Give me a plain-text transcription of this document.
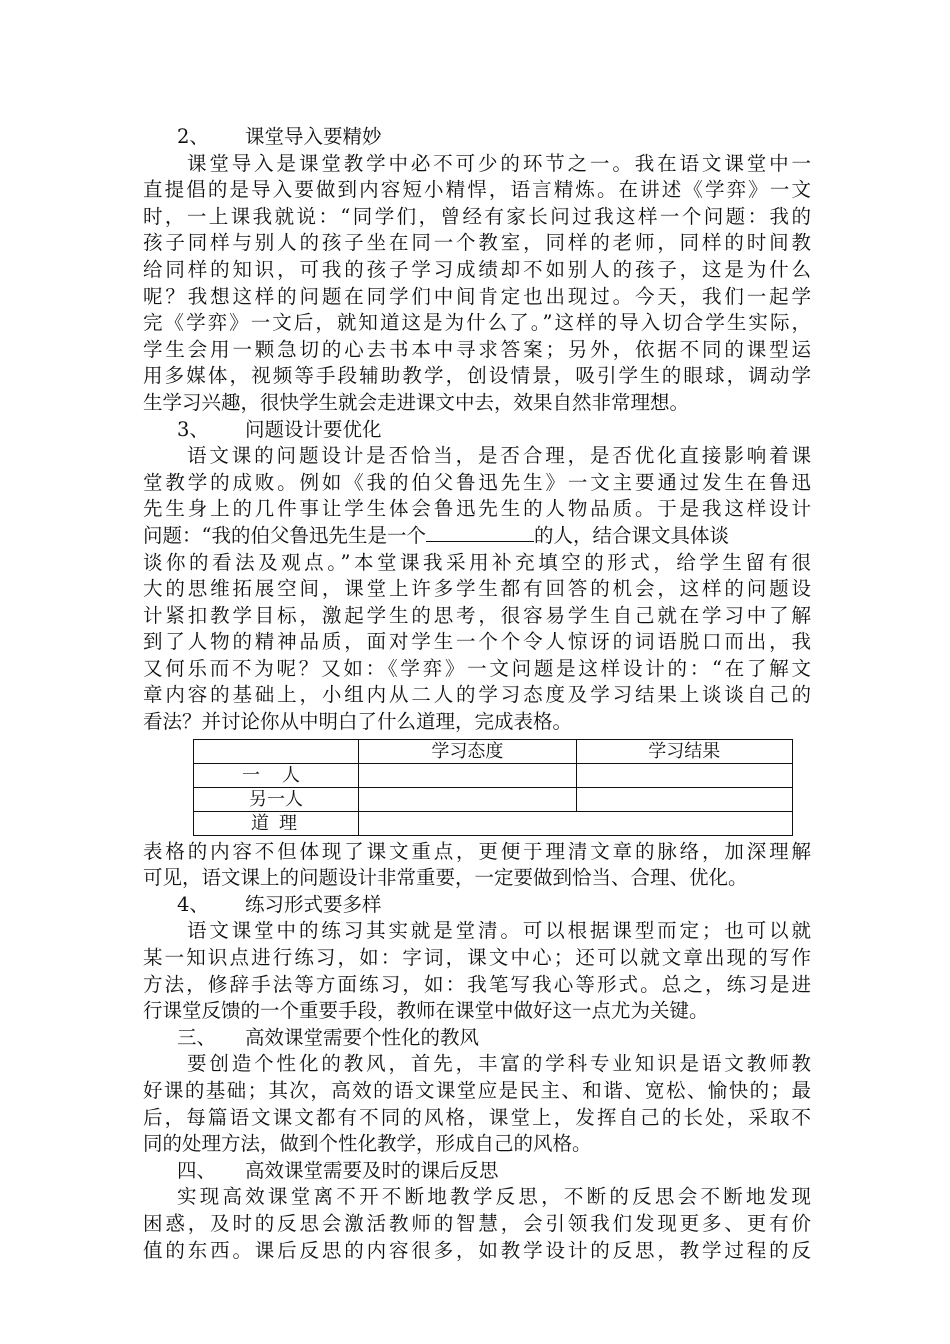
2、 课堂导入要精妙
课堂导入是课堂教学中必不可少的环节之一。我在语文课堂中一
直提倡的是导入要做到内容短小精悍，语言精炼。在讲述《学弈》一文
时，一上课我就说：“同学们，曾经有家长问过我这样一个问题：我的
孩子同样与别人的孩子坐在同一个教室，同样的老师，同样的时间教
给同样的知识，可我的孩子学习成绩却不如别人的孩子，这是为什么
呢？我想这样的问题在同学们中间肯定也出现过。今天，我们一起学
完《学弈》一文后，就知道这是为什么了。”这样的导入切合学生实际，
学生会用一颗急切的心去书本中寻求答案；另外，依据不同的课型运
用多媒体，视频等手段辅助教学，创设情景，吸引学生的眼球，调动学
生学习兴趣，很快学生就会走进课文中去，效果自然非常理想。
3、 问题设计要优化
语文课的问题设计是否恰当，是否合理，是否优化直接影响着课
堂教学的成败。例如《我的伯父鲁迅先生》一文主要通过发生在鲁迅
先生身上的几件事让学生体会鲁迅先生的人物品质。于是我这样设计
问题：“我的伯父鲁迅先生是一个	的人，结合课文具体谈
谈你的看法及观点。”本堂课我采用补充填空的形式，给学生留有很
大的思维拓展空间，课堂上许多学生都有回答的机会，这样的问题设
计紧扣教学目标，激起学生的思考，很容易学生自己就在学习中了解
到了人物的精神品质，面对学生一个个令人惊讶的词语脱口而出，我
又何乐而不为呢？又如：《学弈》一文问题是这样设计的：“在了解文
章内容的基础上，小组内从二人的学习态度及学习结果上谈谈自己的
看法？并讨论你从中明白了什么道理，完成表格。
	学习态度	学习结果
一人		
另一人		
道理		
表格的内容不但体现了课文重点，更便于理清文章的脉络，加深理解
可见，语文课上的问题设计非常重要，一定要做到恰当、合理、优化。
4、 练习形式要多样
语文课堂中的练习其实就是堂清。可以根据课型而定；也可以就
某一知识点进行练习，如：字词，课文中心；还可以就文章出现的写作
方法，修辞手法等方面练习，如：我笔写我心等形式。总之，练习是进
行课堂反馈的一个重要手段，教师在课堂中做好这一点尤为关键。
三、 高效课堂需要个性化的教风
要创造个性化的教风，首先，丰富的学科专业知识是语文教师教
好课的基础；其次，高效的语文课堂应是民主、和谐、宽松、愉快的；最
后，每篇语文课文都有不同的风格，课堂上，发挥自己的长处，采取不
同的处理方法，做到个性化教学，形成自己的风格。
四、 高效课堂需要及时的课后反思
实现高效课堂离不开不断地教学反思，不断的反思会不断地发现
困惑，及时的反思会激活教师的智慧，会引领我们发现更多、更有价
值的东西。课后反思的内容很多，如教学设计的反思，教学过程的反
